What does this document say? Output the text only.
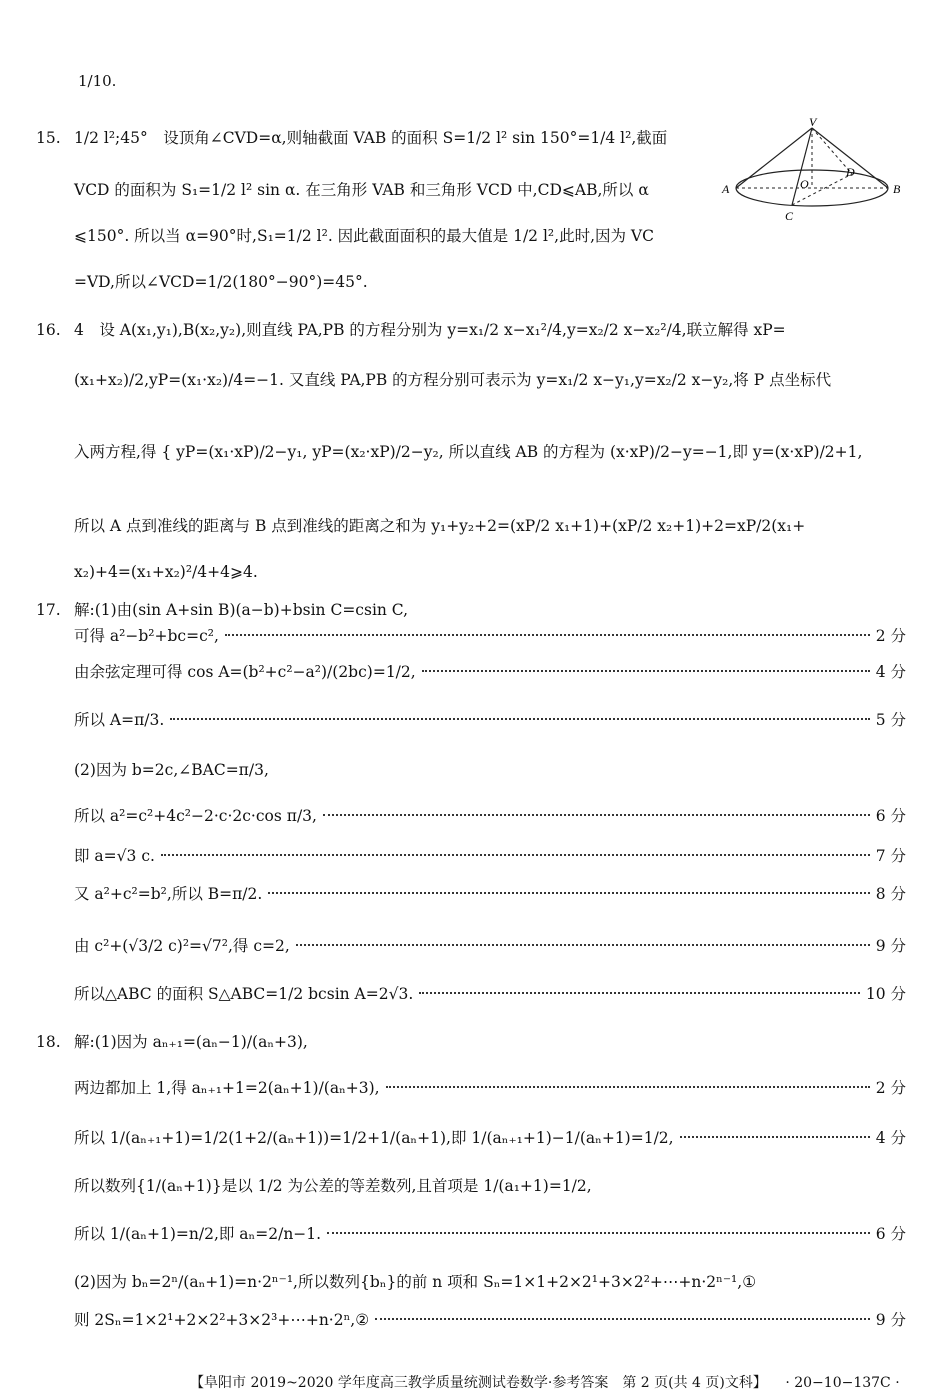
1/10.
15. 1/2 l²;45°　设顶角∠CVD=α,则轴截面 VAB 的面积 S=1/2 l² sin 150°=1/4 l²,截面
VCD 的面积为 S₁=1/2 l² sin α. 在三角形 VAB 和三角形 VCD 中,CD⩽AB,所以 α
⩽150°. 所以当 α=90°时,S₁=1/2 l². 因此截面面积的最大值是 1/2 l²,此时,因为 VC
=VD,所以∠VCD=1/2(180°−90°)=45°.
V
A	B
C
D
O
16. 4　设 A(x₁,y₁),B(x₂,y₂),则直线 PA,PB 的方程分别为 y=x₁/2 x−x₁²/4,y=x₂/2 x−x₂²/4,联立解得 xP=
(x₁+x₂)/2,yP=(x₁·x₂)/4=−1. 又直线 PA,PB 的方程分别可表示为 y=x₁/2 x−y₁,y=x₂/2 x−y₂,将 P 点坐标代
入两方程,得 { yP=(x₁·xP)/2−y₁, yP=(x₂·xP)/2−y₂, 所以直线 AB 的方程为 (x·xP)/2−y=−1,即 y=(x·xP)/2+1,
所以 A 点到准线的距离与 B 点到准线的距离之和为 y₁+y₂+2=(xP/2 x₁+1)+(xP/2 x₂+1)+2=xP/2(x₁+
x₂)+4=(x₁+x₂)²/4+4⩾4.
17. 解:(1)由(sin A+sin B)(a−b)+bsin C=csin C,
可得 a²−b²+bc=c²,	2 分
由余弦定理可得 cos A=(b²+c²−a²)/(2bc)=1/2,	4 分
所以 A=π/3.	5 分
(2)因为 b=2c,∠BAC=π/3,
所以 a²=c²+4c²−2·c·2c·cos π/3,	6 分
即 a=√3 c.	7 分
又 a²+c²=b²,所以 B=π/2.	8 分
由 c²+(√3/2 c)²=√7²,得 c=2,	9 分
所以△ABC 的面积 S△ABC=1/2 bcsin A=2√3.	10 分
18. 解:(1)因为 aₙ₊₁=(aₙ−1)/(aₙ+3),
两边都加上 1,得 aₙ₊₁+1=2(aₙ+1)/(aₙ+3),	2 分
所以 1/(aₙ₊₁+1)=1/2(1+2/(aₙ+1))=1/2+1/(aₙ+1),即 1/(aₙ₊₁+1)−1/(aₙ+1)=1/2,	4 分
所以数列{1/(aₙ+1)}是以 1/2 为公差的等差数列,且首项是 1/(a₁+1)=1/2,
所以 1/(aₙ+1)=n/2,即 aₙ=2/n−1.	6 分
(2)因为 bₙ=2ⁿ/(aₙ+1)=n·2ⁿ⁻¹,所以数列{bₙ}的前 n 项和 Sₙ=1×1+2×2¹+3×2²+⋯+n·2ⁿ⁻¹,①
则 2Sₙ=1×2¹+2×2²+3×2³+⋯+n·2ⁿ,②	9 分
【阜阳市 2019~2020 学年度高三教学质量统测试卷数学·参考答案　第 2 页(共 4 页)文科】 · 20−10−137C ·
